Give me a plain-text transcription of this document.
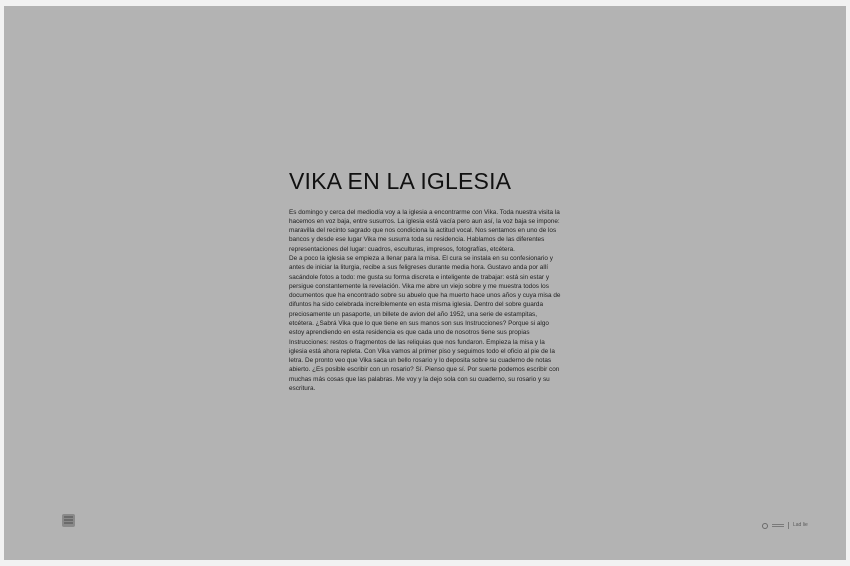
VIKA EN LA IGLESIA

Es domingo y cerca del mediodía voy a la iglesia a encontrarme con Vika. Toda nuestra visita la hacemos en voz baja, entre susurros. La iglesia está vacía pero aun así, la voz baja se impone: maravilla del recinto sagrado que nos condiciona la actitud vocal. Nos sentamos en uno de los bancos y desde ese lugar Vika me susurra toda su residencia. Hablamos de las diferentes representaciones del lugar: cuadros, esculturas, impresos, fotografías, etcétera.

De a poco la iglesia se empieza a llenar para la misa. El cura se instala en su confesionario y antes de iniciar la liturgia, recibe a sus feligreses durante media hora. Gustavo anda por allí sacándole fotos a todo: me gusta su forma discreta e inteligente de trabajar: está sin estar y persigue constantemente la revelación. Vika me abre un viejo sobre y me muestra todos los documentos que ha encontrado sobre su abuelo que ha muerto hace unos años y cuya misa de difuntos ha sido celebrada increíblemente en esta misma iglesia. Dentro del sobre guarda preciosamente un pasaporte, un billete de avion del año 1952, una serie de estampitas, etcétera. ¿Sabrá Vika que lo que tiene en sus manos son sus Instrucciones? Porque si algo estoy aprendiendo en esta residencia es que cada uno de nosotros tiene sus propias Instrucciones: restos o fragmentos de las reliquias que nos fundaron. Empieza la misa y la iglesia está ahora repleta. Con Vika vamos al primer piso y seguimos todo el oficio al pie de la letra. De pronto veo que Vika saca un bello rosario y lo deposita sobre su cuaderno de notas abierto. ¿Es posible escribir con un rosario? Sí. Pienso que sí. Por suerte podemos escribir con muchas más cosas que las palabras. Me voy y la dejo sola con su cuaderno, su rosario y su escritura.

Lad lie
